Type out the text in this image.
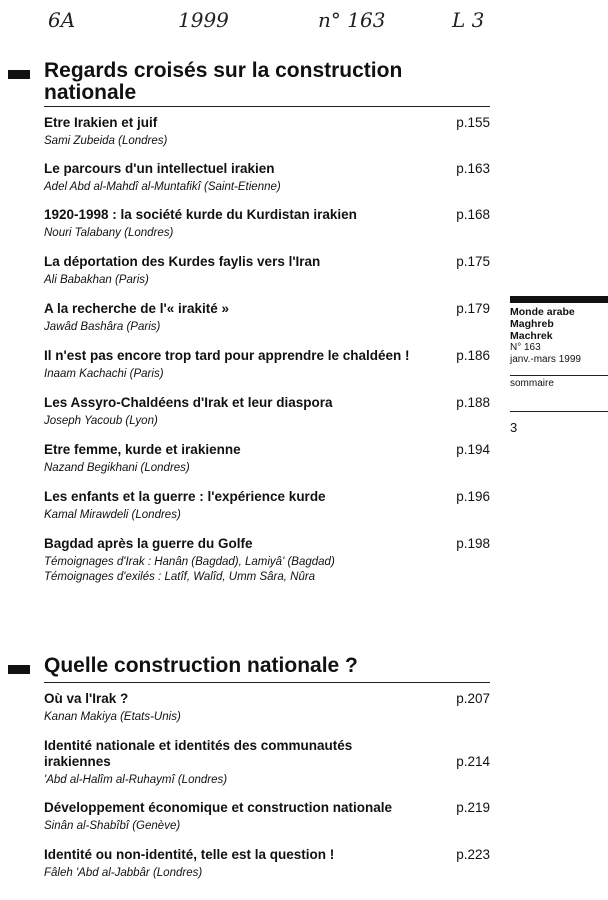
6A	1999	n° 163	L 3
Regards croisés sur la construction nationale
Etre Irakien et juif	p.155
Sami Zubeida (Londres)
Le parcours d'un intellectuel irakien	p.163
Adel Abd al-Mahdî al-Muntafikî (Saint-Etienne)
1920-1998 : la société kurde du Kurdistan irakien	p.168
Nouri Talabany (Londres)
La déportation des Kurdes faylis vers l'Iran	p.175
Ali Babakhan (Paris)
A la recherche de l'« irakité »	p.179
Jawâd Bashâra (Paris)
Il n'est pas encore trop tard pour apprendre le chaldéen !	p.186
Inaam Kachachi (Paris)
Les Assyro-Chaldéens d'Irak et leur diaspora	p.188
Joseph Yacoub (Lyon)
Etre femme, kurde et irakienne	p.194
Nazand Begikhani (Londres)
Les enfants et la guerre : l'expérience kurde	p.196
Kamal Mirawdeli (Londres)
Bagdad après la guerre du Golfe	p.198
Témoignages d'Irak : Hanân (Bagdad), Lamiyâ' (Bagdad)
Témoignages d'exilés : Latîf, Walîd, Umm Sâra, Nûra
Quelle construction nationale ?
Où va l'Irak ?	p.207
Kanan Makiya (Etats-Unis)
Identité nationale et identités des communautés irakiennes	p.214
'Abd al-Halîm al-Ruhaymî (Londres)
Développement économique et construction nationale	p.219
Sinân al-Shabîbî (Genève)
Identité ou non-identité, telle est la question !	p.223
Fâleh 'Abd al-Jabbâr (Londres)
Monde arabe
Maghreb
Machrek
N° 163
janv.-mars 1999
sommaire
3
